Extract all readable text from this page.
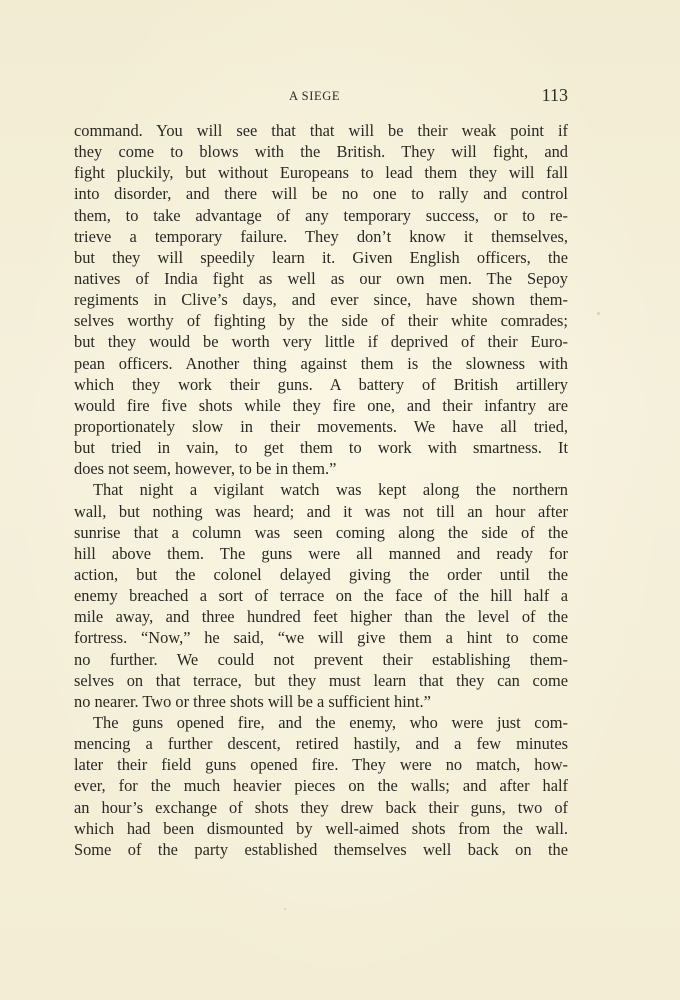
A SIEGE	113
command. You will see that that will be their weak point if
they come to blows with the British. They will fight, and
fight pluckily, but without Europeans to lead them they will fall
into disorder, and there will be no one to rally and control
them, to take advantage of any temporary success, or to re-
trieve a temporary failure. They don’t know it themselves,
but they will speedily learn it. Given English officers, the
natives of India fight as well as our own men. The Sepoy
regiments in Clive’s days, and ever since, have shown them-
selves worthy of fighting by the side of their white comrades;
but they would be worth very little if deprived of their Euro-
pean officers. Another thing against them is the slowness with
which they work their guns. A battery of British artillery
would fire five shots while they fire one, and their infantry are
proportionately slow in their movements. We have all tried,
but tried in vain, to get them to work with smartness. It
does not seem, however, to be in them.”
That night a vigilant watch was kept along the northern
wall, but nothing was heard; and it was not till an hour after
sunrise that a column was seen coming along the side of the
hill above them. The guns were all manned and ready for
action, but the colonel delayed giving the order until the
enemy breached a sort of terrace on the face of the hill half a
mile away, and three hundred feet higher than the level of the
fortress. “Now,” he said, “we will give them a hint to come
no further. We could not prevent their establishing them-
selves on that terrace, but they must learn that they can come
no nearer. Two or three shots will be a sufficient hint.”
The guns opened fire, and the enemy, who were just com-
mencing a further descent, retired hastily, and a few minutes
later their field guns opened fire. They were no match, how-
ever, for the much heavier pieces on the walls; and after half
an hour’s exchange of shots they drew back their guns, two of
which had been dismounted by well-aimed shots from the wall.
Some of the party established themselves well back on the
